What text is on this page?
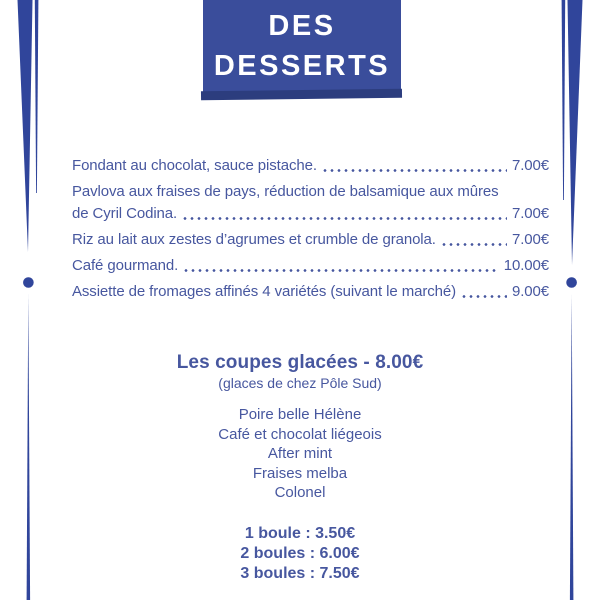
DES
DESSERTS
Fondant au chocolat, sauce pistache.	7.00€
Pavlova aux fraises de pays, réduction de balsamique aux mûres
de Cyril Codina.	7.00€
Riz au lait aux zestes d’agrumes et crumble de granola.	7.00€
Café gourmand.	10.00€
Assiette de fromages affinés 4 variétés (suivant le marché)	9.00€
Les coupes glacées - 8.00€
(glaces de chez Pôle Sud)
Poire belle Hélène
Café et chocolat liégeois
After mint
Fraises melba
Colonel
1 boule : 3.50€
2 boules : 6.00€
3 boules : 7.50€
